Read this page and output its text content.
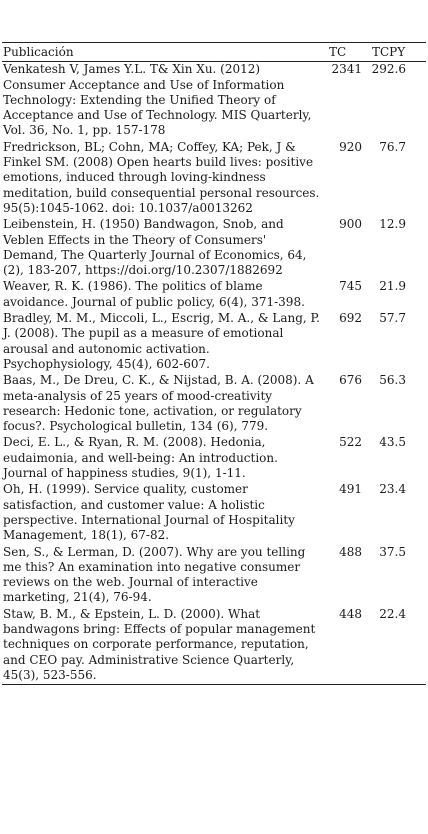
Publicación	TC	TCPY
Venkatesh V, James Y.L. T& Xin Xu. (2012) Consumer Acceptance and Use of Information Technology: Extending the Unified Theory of Acceptance and Use of Technology. MIS Quarterly, Vol. 36, No. 1, pp. 157-178	2341	292.6
Fredrickson, BL; Cohn, MA; Coffey, KA; Pek, J & Finkel SM. (2008) Open hearts build lives: positive emotions, induced through loving-kindness meditation, build consequential personal resources. 95(5):1045-1062. doi: 10.1037/a0013262	920	76.7
Leibenstein, H. (1950) Bandwagon, Snob, and Veblen Effects in the Theory of Consumers' Demand, The Quarterly Journal of Economics, 64,(2), 183-207, https://doi.org/10.2307/1882692	900	12.9
Weaver, R. K. (1986). The politics of blame avoidance. Journal of public policy, 6(4), 371-398.	745	21.9
Bradley, M. M., Miccoli, L., Escrig, M. A., & Lang, P. J. (2008). The pupil as a measure of emotional arousal and autonomic activation. Psychophysiology, 45(4), 602-607.	692	57.7
Baas, M., De Dreu, C. K., & Nijstad, B. A. (2008). A meta-analysis of 25 years of mood-creativity research: Hedonic tone, activation, or regulatory focus?. Psychological bulletin, 134 (6), 779.	676	56.3
Deci, E. L., & Ryan, R. M. (2008). Hedonia, eudaimonia, and well-being: An introduction. Journal of happiness studies, 9(1), 1-11.	522	43.5
Oh, H. (1999). Service quality, customer satisfaction, and customer value: A holistic perspective. International Journal of Hospitality Management, 18(1), 67-82.	491	23.4
Sen, S., & Lerman, D. (2007). Why are you telling me this? An examination into negative consumer reviews on the web. Journal of interactive marketing, 21(4), 76-94.	488	37.5
Staw, B. M., & Epstein, L. D. (2000). What bandwagons bring: Effects of popular management techniques on corporate performance, reputation, and CEO pay. Administrative Science Quarterly, 45(3), 523-556.	448	22.4
